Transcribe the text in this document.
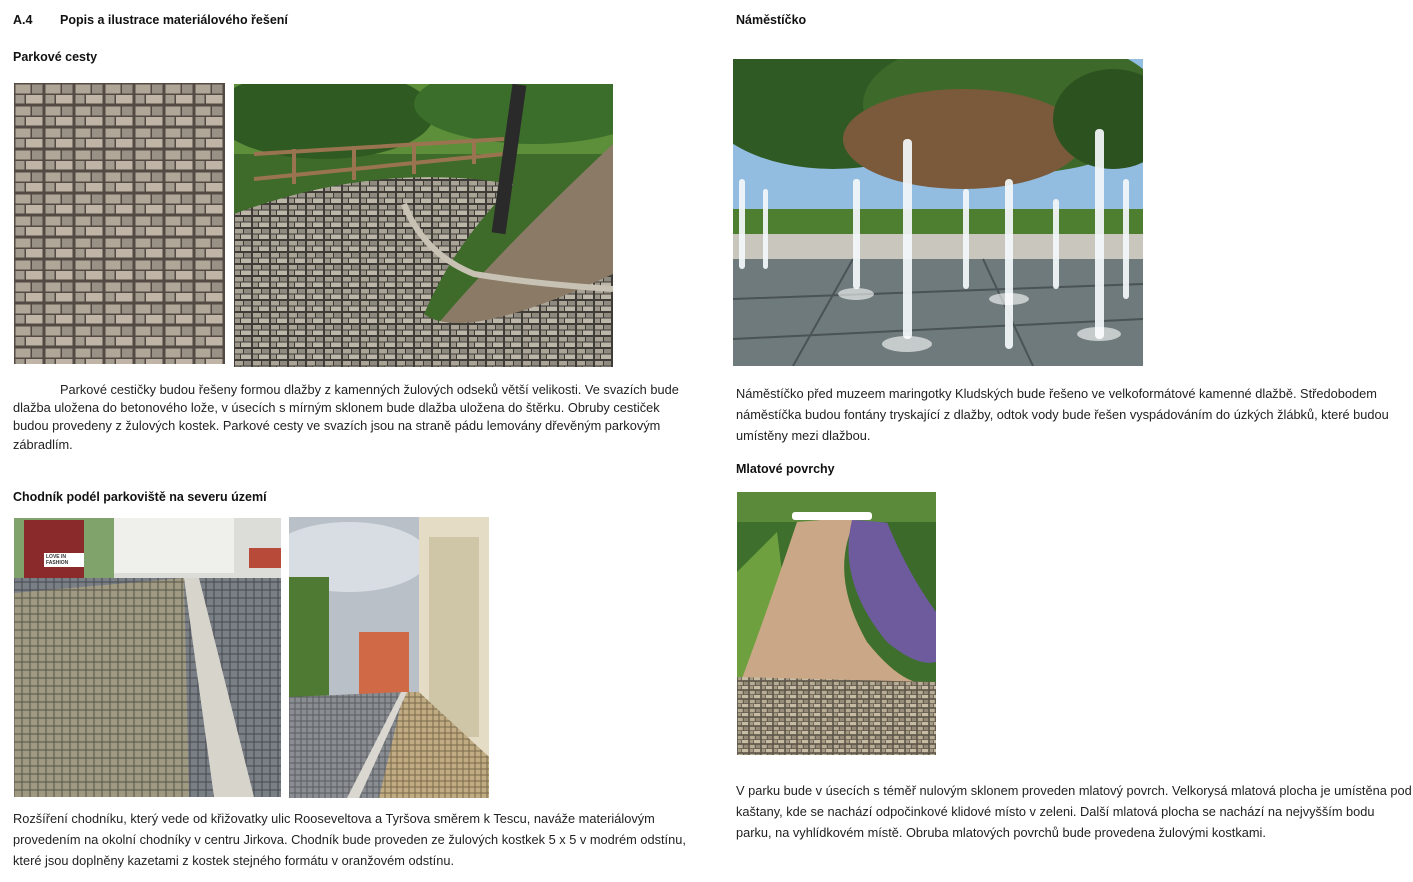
A.4 Popis a ilustrace materiálového řešení
Parkové cesty
Parkové cestičky budou řešeny formou dlažby z kamenných žulových odseků větší velikosti. Ve svazích bude dlažba uložena do betonového lože, v úsecích s mírným sklonem bude dlažba uložena do štěrku. Obruby cestiček budou provedeny z žulových kostek. Parkové cesty ve svazích jsou na straně pádu lemovány dřevěným parkovým zábradlím.
Chodník podél parkoviště na severu území
LOVE IN FASHION
Rozšíření chodníku, který vede od křižovatky ulic Rooseveltova a Tyršova směrem k Tescu, naváže materiálovým provedením na okolní chodníky v centru Jirkova. Chodník bude proveden ze žulových kostkek 5 x 5 v modrém odstínu, které jsou doplněny kazetami z kostek stejného formátu v oranžovém odstínu.
Náměstíčko
Náměstíčko před muzeem maringotky Kludských bude řešeno ve velkoformátové kamenné dlažbě. Středobodem náměstíčka budou fontány tryskající z dlažby, odtok vody bude řešen vyspádováním do úzkých žlábků, které budou umístěny mezi dlažbou.
Mlatové povrchy
V parku bude v úsecích s téměř nulovým sklonem proveden mlatový povrch. Velkorysá mlatová plocha je umístěna pod kaštany, kde se nachází odpočinkové klidové místo v zeleni. Další mlatová plocha se nachází na nejvyšším bodu parku, na vyhlídkovém místě. Obruba mlatových povrchů bude provedena žulovými kostkami.
